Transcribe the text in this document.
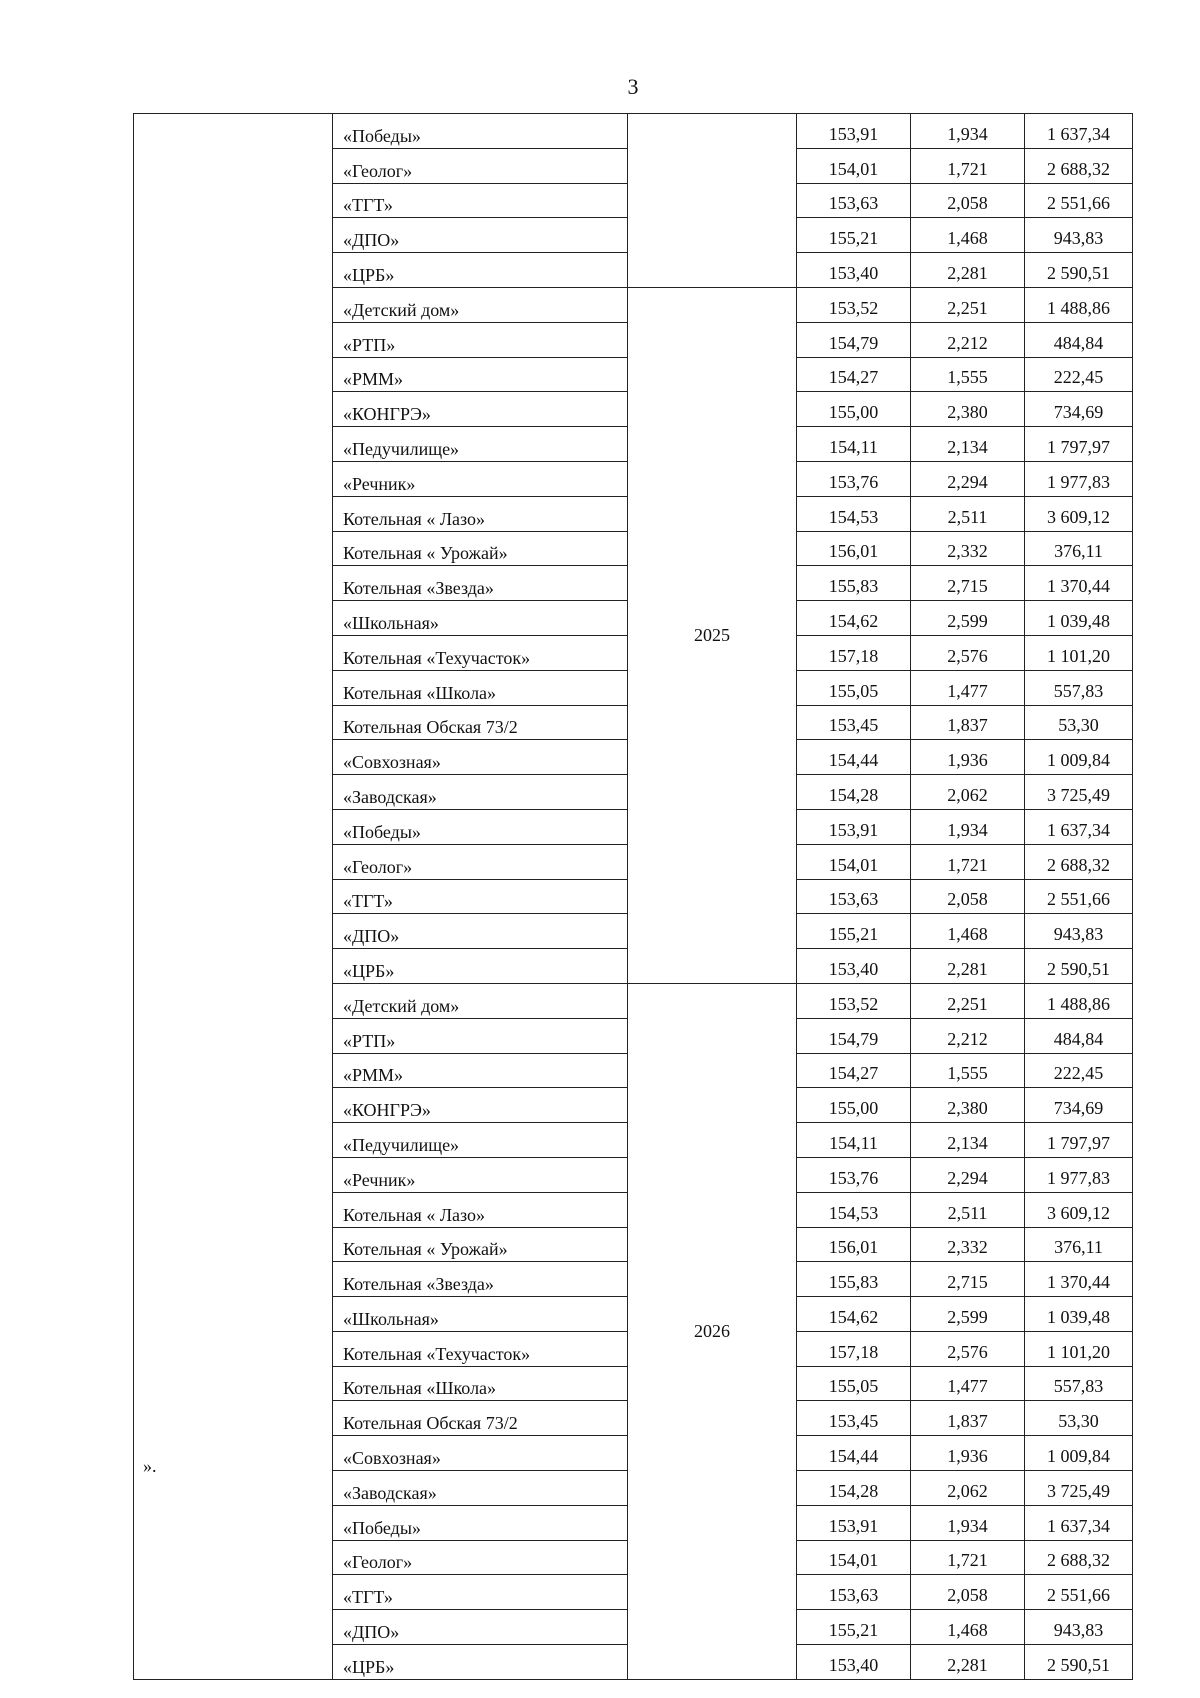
3
	«Победы»		153,91	1,934	1 637,34
	«Геолог»		154,01	1,721	2 688,32
	«ТГТ»		153,63	2,058	2 551,66
	«ДПО»		155,21	1,468	943,83
	«ЦРБ»		153,40	2,281	2 590,51
	«Детский дом»	2025	153,52	2,251	1 488,86
	«РТП»		154,79	2,212	484,84
	«РММ»		154,27	1,555	222,45
	«КОНГРЭ»		155,00	2,380	734,69
	«Педучилище»		154,11	2,134	1 797,97
	«Речник»		153,76	2,294	1 977,83
	Котельная « Лазо»		154,53	2,511	3 609,12
	Котельная « Урожай»		156,01	2,332	376,11
	Котельная «Звезда»		155,83	2,715	1 370,44
	«Школьная»		154,62	2,599	1 039,48
	Котельная «Техучасток»		157,18	2,576	1 101,20
	Котельная «Школа»		155,05	1,477	557,83
	Котельная Обская 73/2		153,45	1,837	53,30
	«Совхозная»		154,44	1,936	1 009,84
	«Заводская»		154,28	2,062	3 725,49
	«Победы»		153,91	1,934	1 637,34
	«Геолог»		154,01	1,721	2 688,32
	«ТГТ»		153,63	2,058	2 551,66
	«ДПО»		155,21	1,468	943,83
	«ЦРБ»		153,40	2,281	2 590,51
	«Детский дом»	2026	153,52	2,251	1 488,86
	«РТП»		154,79	2,212	484,84
	«РММ»		154,27	1,555	222,45
	«КОНГРЭ»		155,00	2,380	734,69
	«Педучилище»		154,11	2,134	1 797,97
	«Речник»		153,76	2,294	1 977,83
	Котельная « Лазо»		154,53	2,511	3 609,12
	Котельная « Урожай»		156,01	2,332	376,11
	Котельная «Звезда»		155,83	2,715	1 370,44
	«Школьная»		154,62	2,599	1 039,48
	Котельная «Техучасток»		157,18	2,576	1 101,20
	Котельная «Школа»		155,05	1,477	557,83
	Котельная Обская 73/2		153,45	1,837	53,30
	«Совхозная»		154,44	1,936	1 009,84
	«Заводская»		154,28	2,062	3 725,49
	«Победы»		153,91	1,934	1 637,34
	«Геолог»		154,01	1,721	2 688,32
	«ТГТ»		153,63	2,058	2 551,66
	«ДПО»		155,21	1,468	943,83
	«ЦРБ»		153,40	2,281	2 590,51
».
